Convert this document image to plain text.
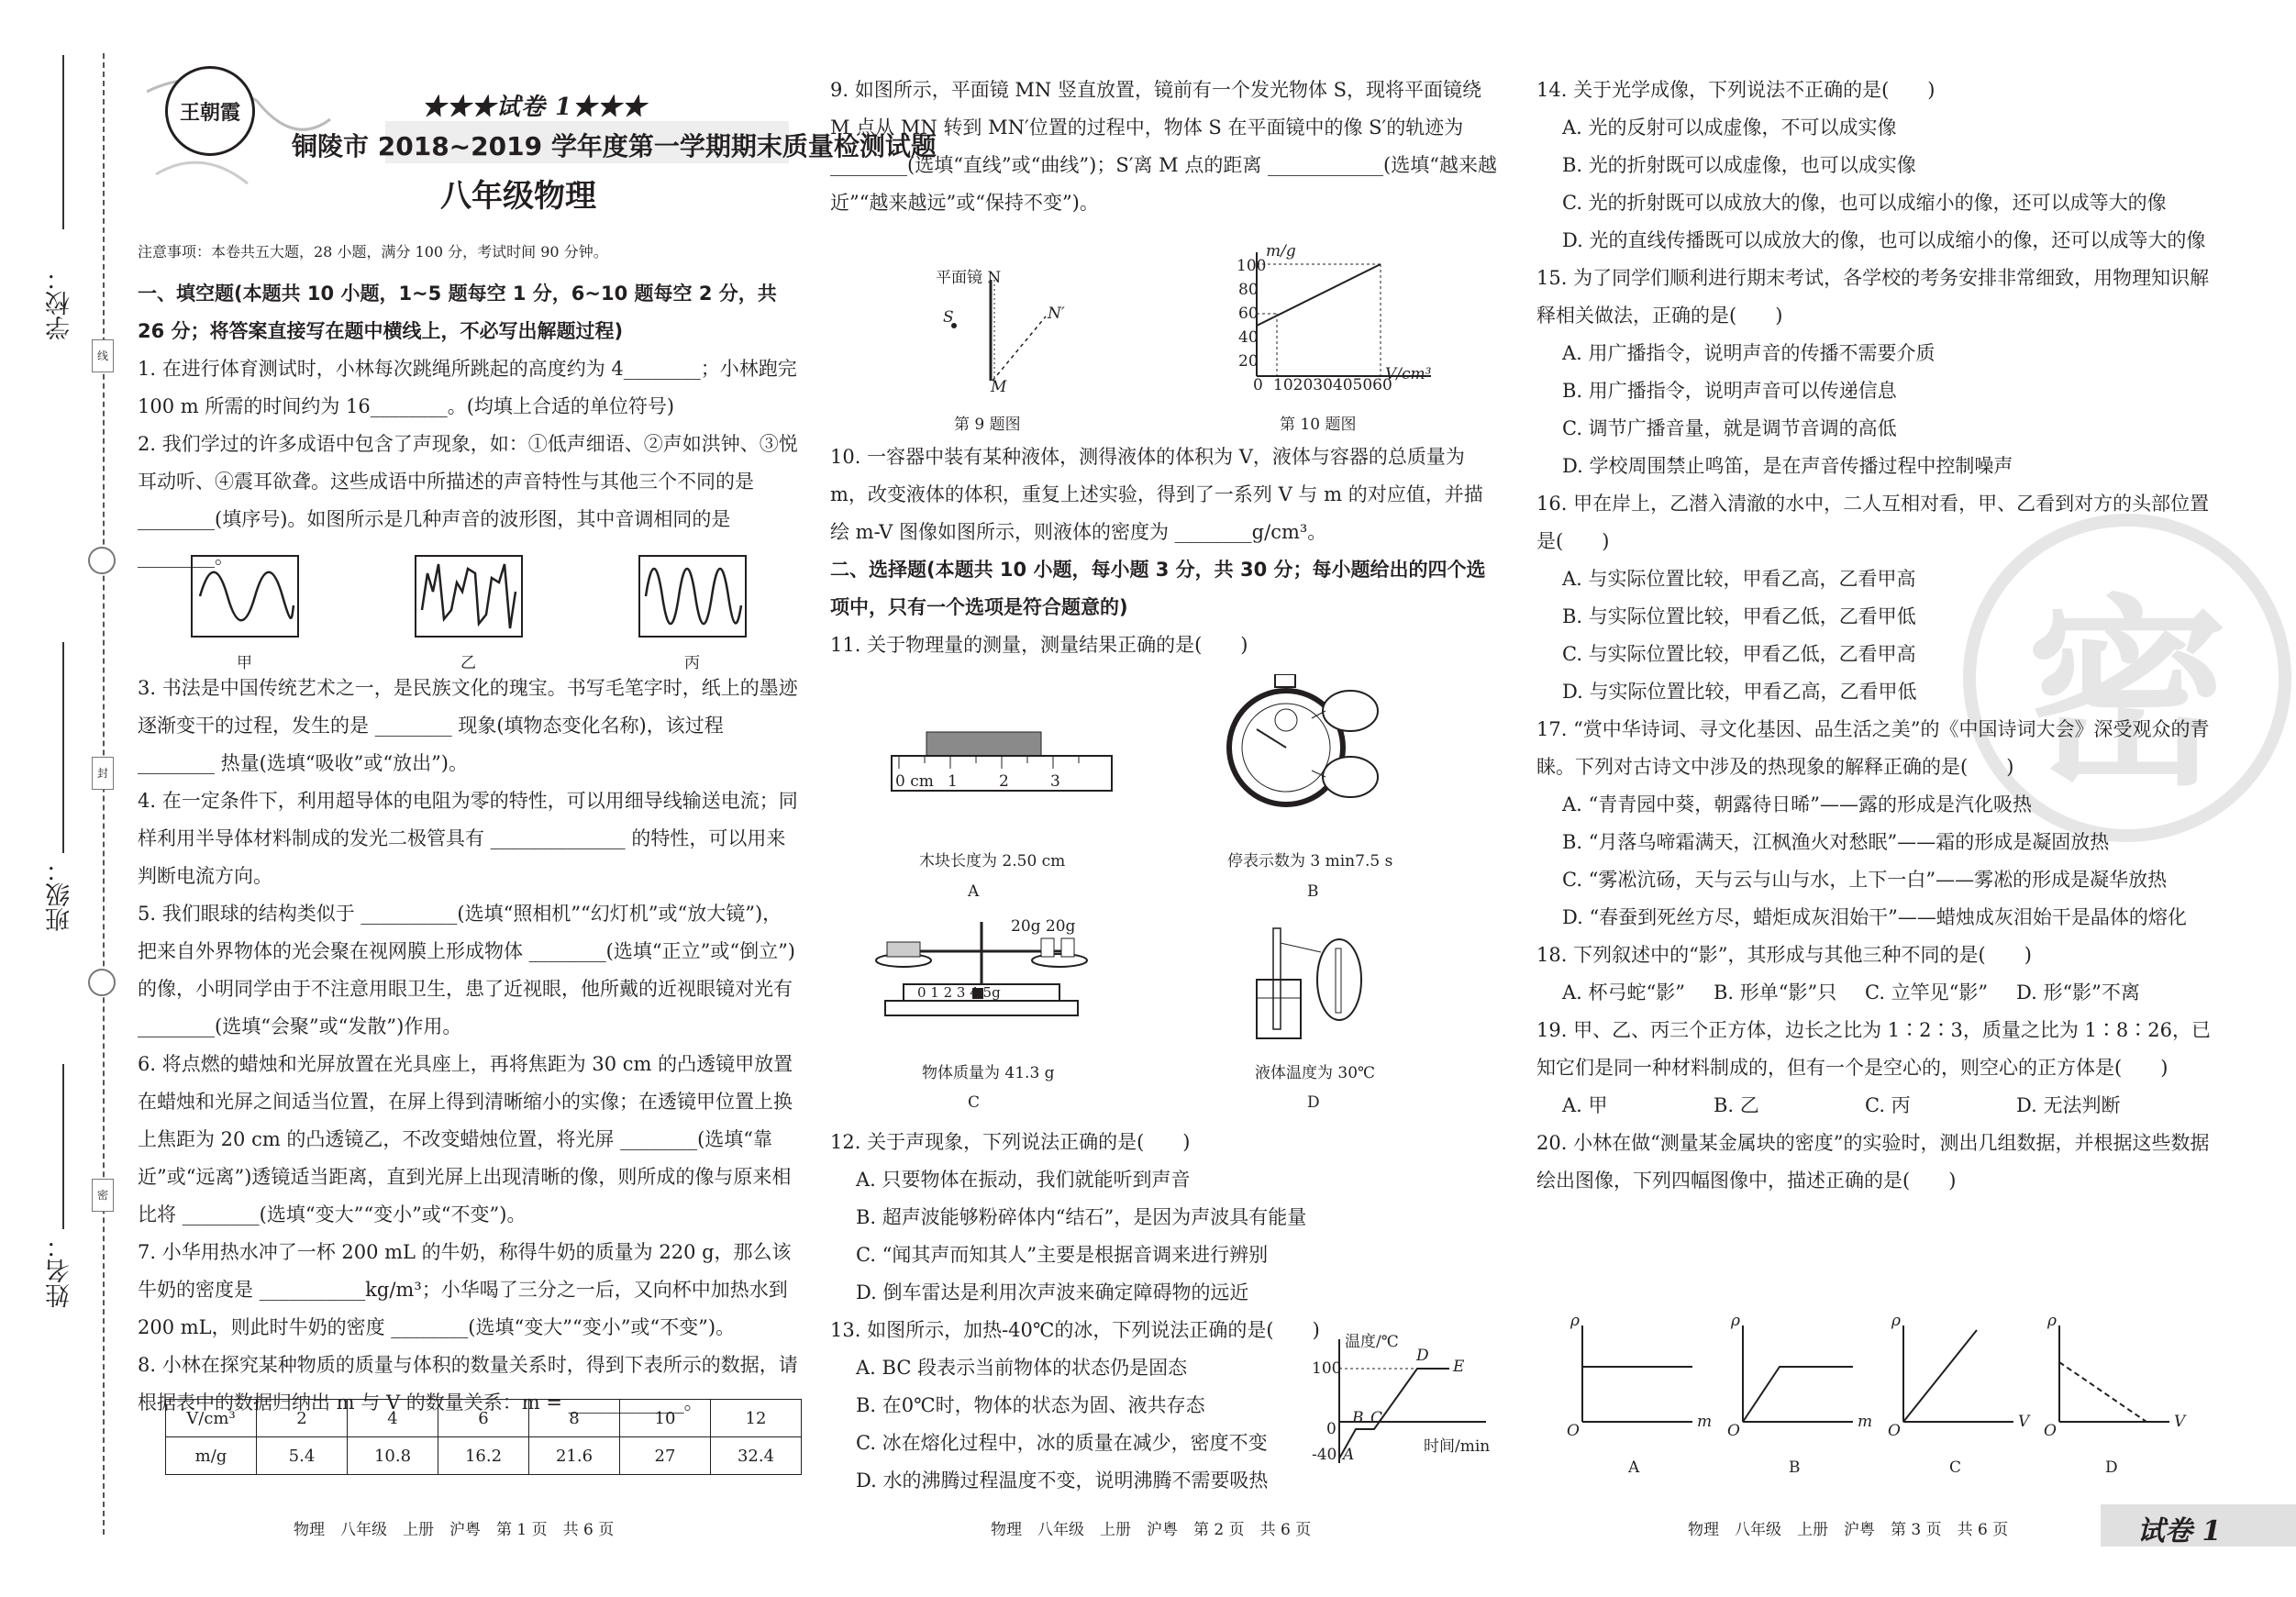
学校：
班级：
姓名：
线
封
密
王朝霞	★★★试卷 1★★★
铜陵市 2018~2019 学年度第一学期期末质量检测试题
八年级物理
注意事项：本卷共五大题，28 小题，满分 100 分，考试时间 90 分钟。

一、填空题(本题共 10 小题，1~5 题每空 1 分，6~10 题每空 2 分，共 26 分；将答案直接写在题中横线上，不必写出解题过程)

1. 在进行体育测试时，小林每次跳绳所跳起的高度约为 4________；小林跑完 100 m 所需的时间约为 16________。(均填上合适的单位符号)

2. 我们学过的许多成语中包含了声现象，如：①低声细语、②声如洪钟、③悦耳动听、④震耳欲聋。这些成语中所描述的声音特性与其他三个不同的是 ________(填序号)。如图所示是几种声音的波形图，其中音调相同的是 ________。

甲	乙	丙

3. 书法是中国传统艺术之一，是民族文化的瑰宝。书写毛笔字时，纸上的墨迹逐渐变干的过程，发生的是 ________ 现象(填物态变化名称)，该过程 ________ 热量(选填“吸收”或“放出”)。

4. 在一定条件下，利用超导体的电阻为零的特性，可以用细导线输送电流；同样利用半导体材料制成的发光二极管具有 ______________ 的特性，可以用来判断电流方向。

5. 我们眼球的结构类似于 __________(选填“照相机”“幻灯机”或“放大镜”)，把来自外界物体的光会聚在视网膜上形成物体 ________(选填“正立”或“倒立”)的像，小明同学由于不注意用眼卫生，患了近视眼，他所戴的近视眼镜对光有 ________(选填“会聚”或“发散”)作用。

6. 将点燃的蜡烛和光屏放置在光具座上，再将焦距为 30 cm 的凸透镜甲放置在蜡烛和光屏之间适当位置，在屏上得到清晰缩小的实像；在透镜甲位置上换上焦距为 20 cm 的凸透镜乙，不改变蜡烛位置，将光屏 ________(选填“靠近”或“远离”)透镜适当距离，直到光屏上出现清晰的像，则所成的像与原来相比将 ________(选填“变大”“变小”或“不变”)。

7. 小华用热水冲了一杯 200 mL 的牛奶，称得牛奶的质量为 220 g，那么该牛奶的密度是 ___________kg/m³；小华喝了三分之一后，又向杯中加热水到 200 mL，则此时牛奶的密度 ________(选填“变大”“变小”或“不变”)。

8. 小林在探究某种物质的质量与体积的数量关系时，得到下表所示的数据，请根据表中的数据归纳出 m 与 V 的数量关系：m = ____________。

V/cm³	2	4	6	8	10	12
m/g	5.4	10.8	16.2	21.6	27	32.4
物理　八年级　上册　沪粤　第 1 页　共 6 页

9. 如图所示，平面镜 MN 竖直放置，镜前有一个发光物体 S，现将平面镜绕 M 点从 MN 转到 MN′位置的过程中，物体 S 在平面镜中的像 S′的轨迹为 ________(选填“直线”或“曲线”)；S′离 M 点的距离 ____________(选填“越来越近”“越来越远”或“保持不变”)。

平面镜 N
S	N′
M
第 9 题图
m/g
100
80
60
40
20
0 102030405060
V/cm³
第 10 题图

10. 一容器中装有某种液体，测得液体的体积为 V，液体与容器的总质量为 m，改变液体的体积，重复上述实验，得到了一系列 V 与 m 的对应值，并描绘 m-V 图像如图所示，则液体的密度为 ________g/cm³。

二、选择题(本题共 10 小题，每小题 3 分，共 30 分；每小题给出的四个选项中，只有一个选项是符合题意的)

11. 关于物理量的测量，测量结果正确的是(　　)

0 cm 1	2	3
木块长度为 2.50 cm
A
停表示数为 3 min7.5 s
B
20g 20g
0 1 2 3 4 5g
物体质量为 41.3 g
C
液体温度为 30℃
D

12. 关于声现象，下列说法正确的是(　　)

A. 只要物体在振动，我们就能听到声音

B. 超声波能够粉碎体内“结石”，是因为声波具有能量

C. “闻其声而知其人”主要是根据音调来进行辨别

D. 倒车雷达是利用次声波来确定障碍物的远近

13. 如图所示，加热-40℃的冰，下列说法正确的是(　　)

A. BC 段表示当前物体的状态仍是固态

B. 在0℃时，物体的状态为固、液共存态

C. 冰在熔化过程中，冰的质量在减少，密度不变

D. 水的沸腾过程温度不变，说明沸腾不需要吸热

温度/℃
100
-40
0
A
B C
D
E
时间/min
物理　八年级　上册　沪粤　第 2 页　共 6 页
密

14. 关于光学成像，下列说法不正确的是(　　)

A. 光的反射可以成虚像，不可以成实像

B. 光的折射既可以成虚像，也可以成实像

C. 光的折射既可以成放大的像，也可以成缩小的像，还可以成等大的像

D. 光的直线传播既可以成放大的像，也可以成缩小的像，还可以成等大的像

15. 为了同学们顺利进行期末考试，各学校的考务安排非常细致，用物理知识解释相关做法，正确的是(　　)

A. 用广播指令，说明声音的传播不需要介质

B. 用广播指令，说明声音可以传递信息

C. 调节广播音量，就是调节音调的高低

D. 学校周围禁止鸣笛，是在声音传播过程中控制噪声

16. 甲在岸上，乙潜入清澈的水中，二人互相对看，甲、乙看到对方的头部位置是(　　)

A. 与实际位置比较，甲看乙高，乙看甲高

B. 与实际位置比较，甲看乙低，乙看甲低

C. 与实际位置比较，甲看乙低，乙看甲高

D. 与实际位置比较，甲看乙高，乙看甲低

17. “赏中华诗词、寻文化基因、品生活之美”的《中国诗词大会》深受观众的青睐。下列对古诗文中涉及的热现象的解释正确的是(　　)

A. “青青园中葵，朝露待日晞”——露的形成是汽化吸热

B. “月落乌啼霜满天，江枫渔火对愁眠”——霜的形成是凝固放热

C. “雾凇沆砀，天与云与山与水，上下一白”——雾凇的形成是凝华放热

D. “春蚕到死丝方尽，蜡炬成灰泪始干”——蜡烛成灰泪始干是晶体的熔化

18. 下列叙述中的“影”，其形成与其他三种不同的是(　　)

A. 杯弓蛇“影”	B. 形单“影”只	C. 立竿见“影”	D. 形“影”不离

19. 甲、乙、丙三个正方体，边长之比为 1∶2∶3，质量之比为 1∶8∶26，已知它们是同一种材料制成的，但有一个是空心的，则空心的正方体是(　　)

A. 甲	B. 乙	C. 丙	D. 无法判断

20. 小林在做“测量某金属块的密度”的实验时，测出几组数据，并根据这些数据绘出图像，下列四幅图像中，描述正确的是(　　)

ρ
m
O
A
ρ
m
O
B
ρ
V
O
C
ρ
V
O
D
物理　八年级　上册　沪粤　第 3 页　共 6 页	试卷 1
